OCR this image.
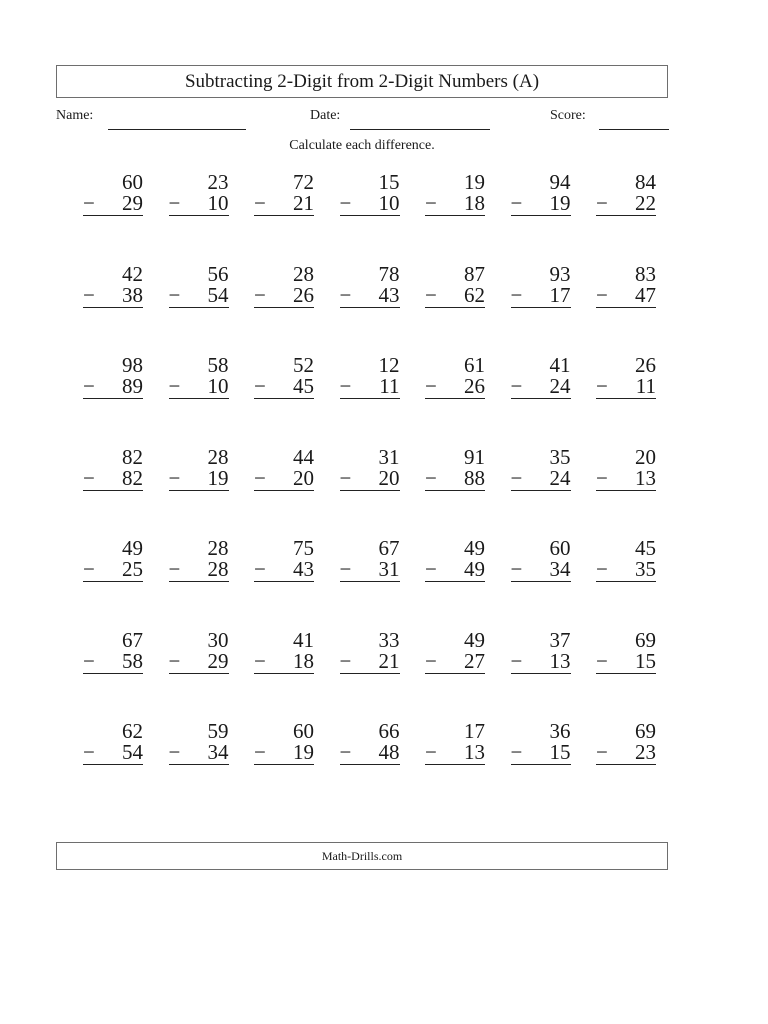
Subtracting 2-Digit from 2-Digit Numbers (A)
Name:	Date:	Score:
Calculate each difference.
60
− 29
23
− 10
72
− 21
15
− 10
19
− 18
94
− 19
84
− 22
42
− 38
56
− 54
28
− 26
78
− 43
87
− 62
93
− 17
83
− 47
98
− 89
58
− 10
52
− 45
12
− 11
61
− 26
41
− 24
26
− 11
82
− 82
28
− 19
44
− 20
31
− 20
91
− 88
35
− 24
20
− 13
49
− 25
28
− 28
75
− 43
67
− 31
49
− 49
60
− 34
45
− 35
67
− 58
30
− 29
41
− 18
33
− 21
49
− 27
37
− 13
69
− 15
62
− 54
59
− 34
60
− 19
66
− 48
17
− 13
36
− 15
69
− 23
Math-Drills.com
